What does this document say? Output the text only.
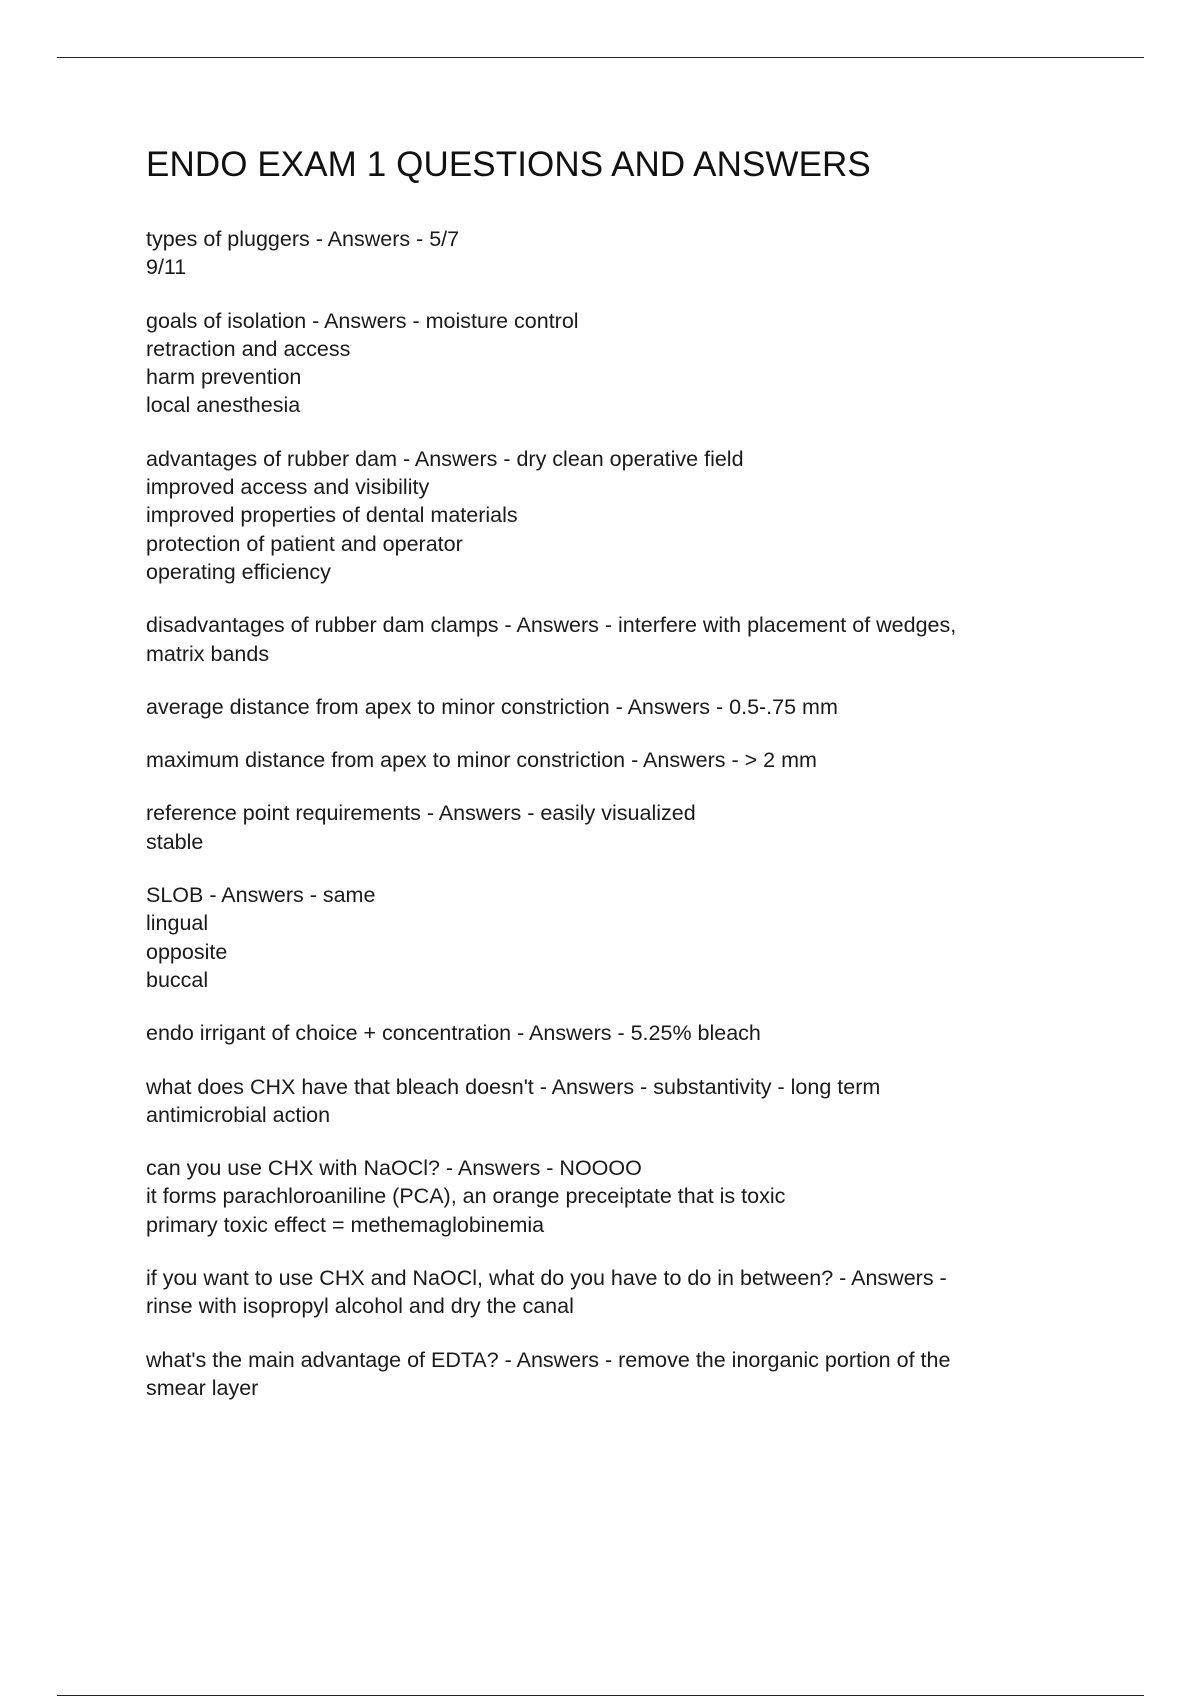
ENDO EXAM 1 QUESTIONS AND ANSWERS
types of pluggers - Answers - 5/7
9/11
goals of isolation - Answers - moisture control
retraction and access
harm prevention
local anesthesia
advantages of rubber dam - Answers - dry clean operative field
improved access and visibility
improved properties of dental materials
protection of patient and operator
operating efficiency
disadvantages of rubber dam clamps - Answers - interfere with placement of wedges,
matrix bands
average distance from apex to minor constriction - Answers - 0.5-.75 mm
maximum distance from apex to minor constriction - Answers - > 2 mm
reference point requirements - Answers - easily visualized
stable
SLOB - Answers - same
lingual
opposite
buccal
endo irrigant of choice + concentration - Answers - 5.25% bleach
what does CHX have that bleach doesn't - Answers - substantivity - long term
antimicrobial action
can you use CHX with NaOCl? - Answers - NOOOO
it forms parachloroaniline (PCA), an orange preceiptate that is toxic
primary toxic effect = methemaglobinemia
if you want to use CHX and NaOCl, what do you have to do in between? - Answers -
rinse with isopropyl alcohol and dry the canal
what's the main advantage of EDTA? - Answers - remove the inorganic portion of the
smear layer
